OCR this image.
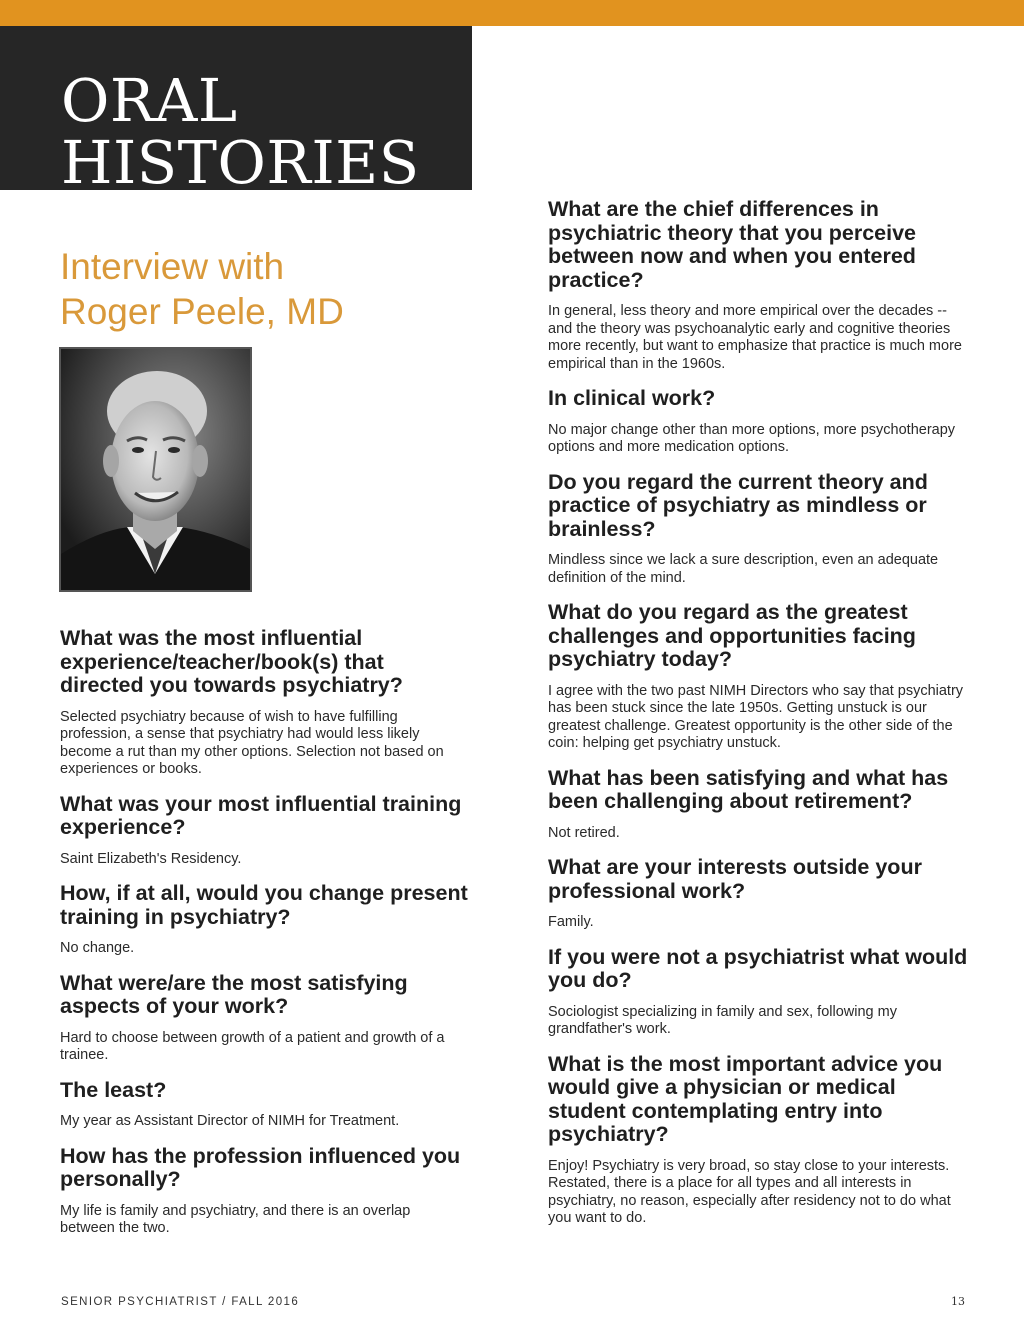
ORAL
HISTORIES
Interview with
Roger Peele, MD
What was the most influential experience/teacher/book(s) that directed you towards psychiatry?
Selected psychiatry because of wish to have fulfilling profession, a sense that psychiatry had would less likely become a rut than my other options. Selection not based on experiences or books.
What was your most influential training experience?
Saint Elizabeth's Residency.
How, if at all, would you change present training in psychiatry?
No change.
What were/are the most satisfying aspects of your work?
Hard to choose between growth of a patient and growth of a trainee.
The least?
My year as Assistant Director of NIMH for Treatment.
How has the profession influenced you personally?
My life is family and psychiatry, and there is an overlap between the two.
What are the chief differences in psychiatric theory that you perceive between now and when you entered practice?
In general, less theory and more empirical over the decades -- and the theory was psychoanalytic early and cognitive theories more recently, but want to emphasize that practice is much more empirical than in the 1960s.
In clinical work?
No major change other than more options, more psychotherapy options and more medication options.
Do you regard the current theory and practice of psychiatry as mindless or brainless?
Mindless since we lack a sure description, even an adequate definition of the mind.
What do you regard as the greatest challenges and opportunities facing psychiatry today?
I agree with the two past NIMH Directors who say that psychiatry has been stuck since the late 1950s. Getting unstuck is our greatest challenge. Greatest opportunity is the other side of the coin: helping get psychiatry unstuck.
What has been satisfying and what has been challenging about retirement?
Not retired.
What are your interests outside your professional work?
Family.
If you were not a psychiatrist what would you do?
Sociologist specializing in family and sex, following my grandfather's work.
What is the most important advice you would give a physician or medical student contemplating entry into psychiatry?
Enjoy! Psychiatry is very broad, so stay close to your interests. Restated, there is a place for all types and all interests in psychiatry, no reason, especially after residency not to do what you want to do.
SENIOR PSYCHIATRIST / FALL 2016	13
